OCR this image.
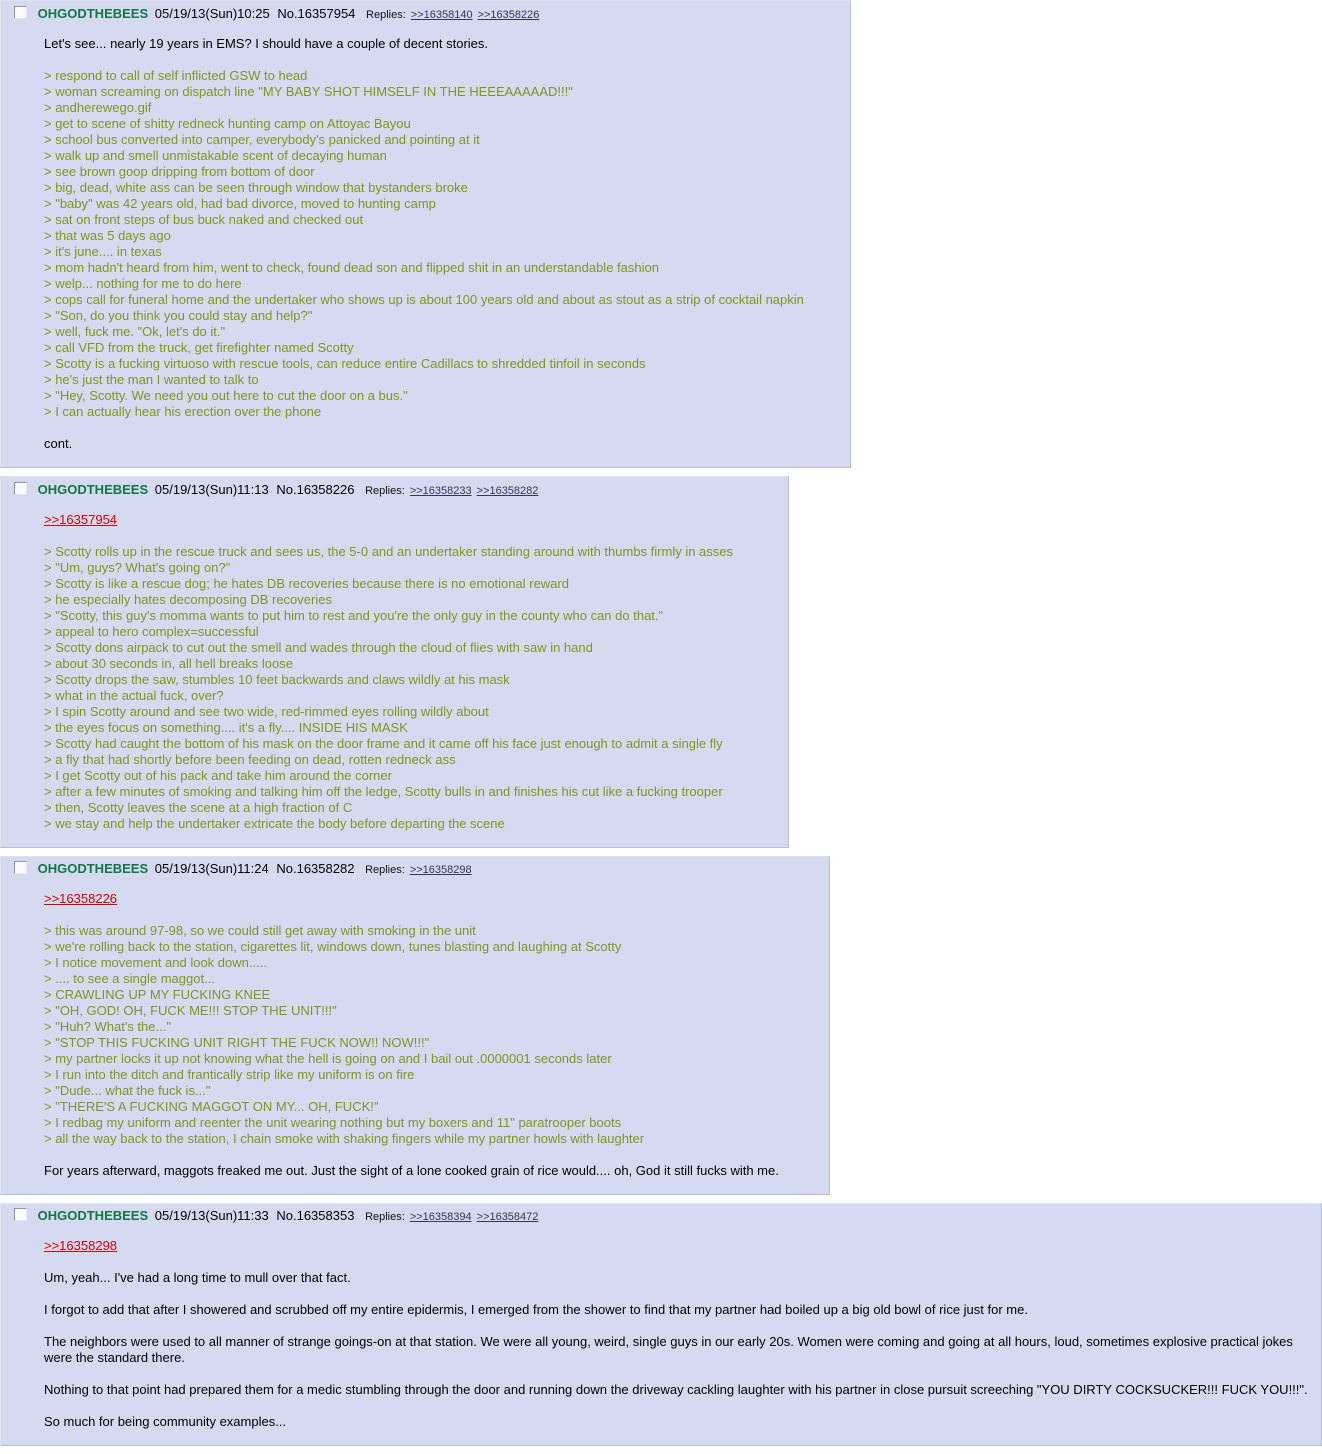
OHGODTHEBEES 05/19/13(Sun)10:25 No.16357954 Replies: >>16358140 >>16358226
Let's see... nearly 19 years in EMS? I should have a couple of decent stories.
> respond to call of self inflicted GSW to head
> woman screaming on dispatch line "MY BABY SHOT HIMSELF IN THE HEEEAAAAAD!!!"
> andherewego.gif
> get to scene of shitty redneck hunting camp on Attoyac Bayou
> school bus converted into camper, everybody's panicked and pointing at it
> walk up and smell unmistakable scent of decaying human
> see brown goop dripping from bottom of door
> big, dead, white ass can be seen through window that bystanders broke
> "baby" was 42 years old, had bad divorce, moved to hunting camp
> sat on front steps of bus buck naked and checked out
> that was 5 days ago
> it's june.... in texas
> mom hadn't heard from him, went to check, found dead son and flipped shit in an understandable fashion
> welp... nothing for me to do here
> cops call for funeral home and the undertaker who shows up is about 100 years old and about as stout as a strip of cocktail napkin
> "Son, do you think you could stay and help?"
> well, fuck me. "Ok, let's do it."
> call VFD from the truck, get firefighter named Scotty
> Scotty is a fucking virtuoso with rescue tools, can reduce entire Cadillacs to shredded tinfoil in seconds
> he's just the man I wanted to talk to
> "Hey, Scotty. We need you out here to cut the door on a bus."
> I can actually hear his erection over the phone
cont.
OHGODTHEBEES 05/19/13(Sun)11:13 No.16358226 Replies: >>16358233 >>16358282
>>16357954
> Scotty rolls up in the rescue truck and sees us, the 5-0 and an undertaker standing around with thumbs firmly in asses
> "Um, guys? What's going on?"
> Scotty is like a rescue dog; he hates DB recoveries because there is no emotional reward
> he especially hates decomposing DB recoveries
> "Scotty, this guy's momma wants to put him to rest and you're the only guy in the county who can do that."
> appeal to hero complex=successful
> Scotty dons airpack to cut out the smell and wades through the cloud of flies with saw in hand
> about 30 seconds in, all hell breaks loose
> Scotty drops the saw, stumbles 10 feet backwards and claws wildly at his mask
> what in the actual fuck, over?
> I spin Scotty around and see two wide, red-rimmed eyes rolling wildly about
> the eyes focus on something.... it's a fly.... INSIDE HIS MASK
> Scotty had caught the bottom of his mask on the door frame and it came off his face just enough to admit a single fly
> a fly that had shortly before been feeding on dead, rotten redneck ass
> I get Scotty out of his pack and take him around the corner
> after a few minutes of smoking and talking him off the ledge, Scotty bulls in and finishes his cut like a fucking trooper
> then, Scotty leaves the scene at a high fraction of C
> we stay and help the undertaker extricate the body before departing the scene
OHGODTHEBEES 05/19/13(Sun)11:24 No.16358282 Replies: >>16358298
>>16358226
> this was around 97-98, so we could still get away with smoking in the unit
> we're rolling back to the station, cigarettes lit, windows down, tunes blasting and laughing at Scotty
> I notice movement and look down.....
> .... to see a single maggot...
> CRAWLING UP MY FUCKING KNEE
> "OH, GOD! OH, FUCK ME!!! STOP THE UNIT!!!"
> "Huh? What's the..."
> "STOP THIS FUCKING UNIT RIGHT THE FUCK NOW!! NOW!!!"
> my partner locks it up not knowing what the hell is going on and I bail out .0000001 seconds later
> I run into the ditch and frantically strip like my uniform is on fire
> "Dude... what the fuck is..."
> "THERE'S A FUCKING MAGGOT ON MY... OH, FUCK!"
> I redbag my uniform and reenter the unit wearing nothing but my boxers and 11" paratrooper boots
> all the way back to the station, I chain smoke with shaking fingers while my partner howls with laughter
For years afterward, maggots freaked me out. Just the sight of a lone cooked grain of rice would.... oh, God it still fucks with me.
OHGODTHEBEES 05/19/13(Sun)11:33 No.16358353 Replies: >>16358394 >>16358472
>>16358298
Um, yeah... I've had a long time to mull over that fact.
I forgot to add that after I showered and scrubbed off my entire epidermis, I emerged from the shower to find that my partner had boiled up a big old bowl of rice just for me.
The neighbors were used to all manner of strange goings-on at that station. We were all young, weird, single guys in our early 20s. Women were coming and going at all hours, loud, sometimes explosive practical jokes were the standard there.
Nothing to that point had prepared them for a medic stumbling through the door and running down the driveway cackling laughter with his partner in close pursuit screeching "YOU DIRTY COCKSUCKER!!! FUCK YOU!!!".
So much for being community examples...
